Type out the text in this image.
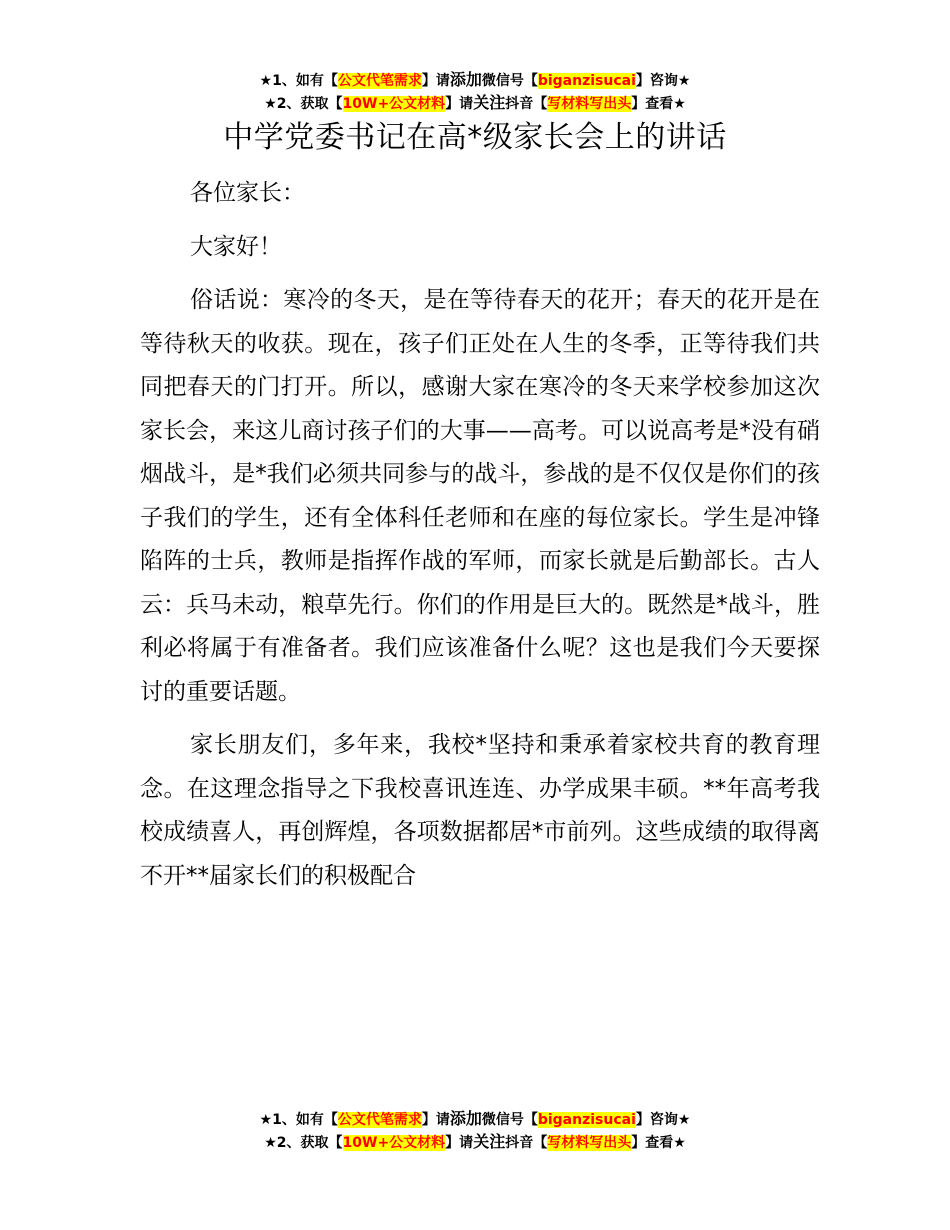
★1、如有【公文代笔需求】请添加微信号【biganzisucai】咨询★
★2、获取【10W+公文材料】请关注抖音【写材料写出头】查看★
中学党委书记在高*级家长会上的讲话

各位家长：

大家好！

俗话说：寒冷的冬天，是在等待春天的花开；春天的花开是在等待秋天的收获。现在，孩子们正处在人生的冬季，正等待我们共同把春天的门打开。所以，感谢大家在寒冷的冬天来学校参加这次家长会，来这儿商讨孩子们的大事——高考。可以说高考是*没有硝烟战斗，是*我们必须共同参与的战斗，参战的是不仅仅是你们的孩子我们的学生，还有全体科任老师和在座的每位家长。学生是冲锋陷阵的士兵，教师是指挥作战的军师，而家长就是后勤部长。古人云：兵马未动，粮草先行。你们的作用是巨大的。既然是*战斗，胜利必将属于有准备者。我们应该准备什么呢？这也是我们今天要探讨的重要话题。

家长朋友们，多年来，我校*坚持和秉承着家校共育的教育理念。在这理念指导之下我校喜讯连连、办学成果丰硕。**年高考我校成绩喜人，再创辉煌，各项数据都居*市前列。这些成绩的取得离不开**届家长们的积极配合

★1、如有【公文代笔需求】请添加微信号【biganzisucai】咨询★
★2、获取【10W+公文材料】请关注抖音【写材料写出头】查看★
